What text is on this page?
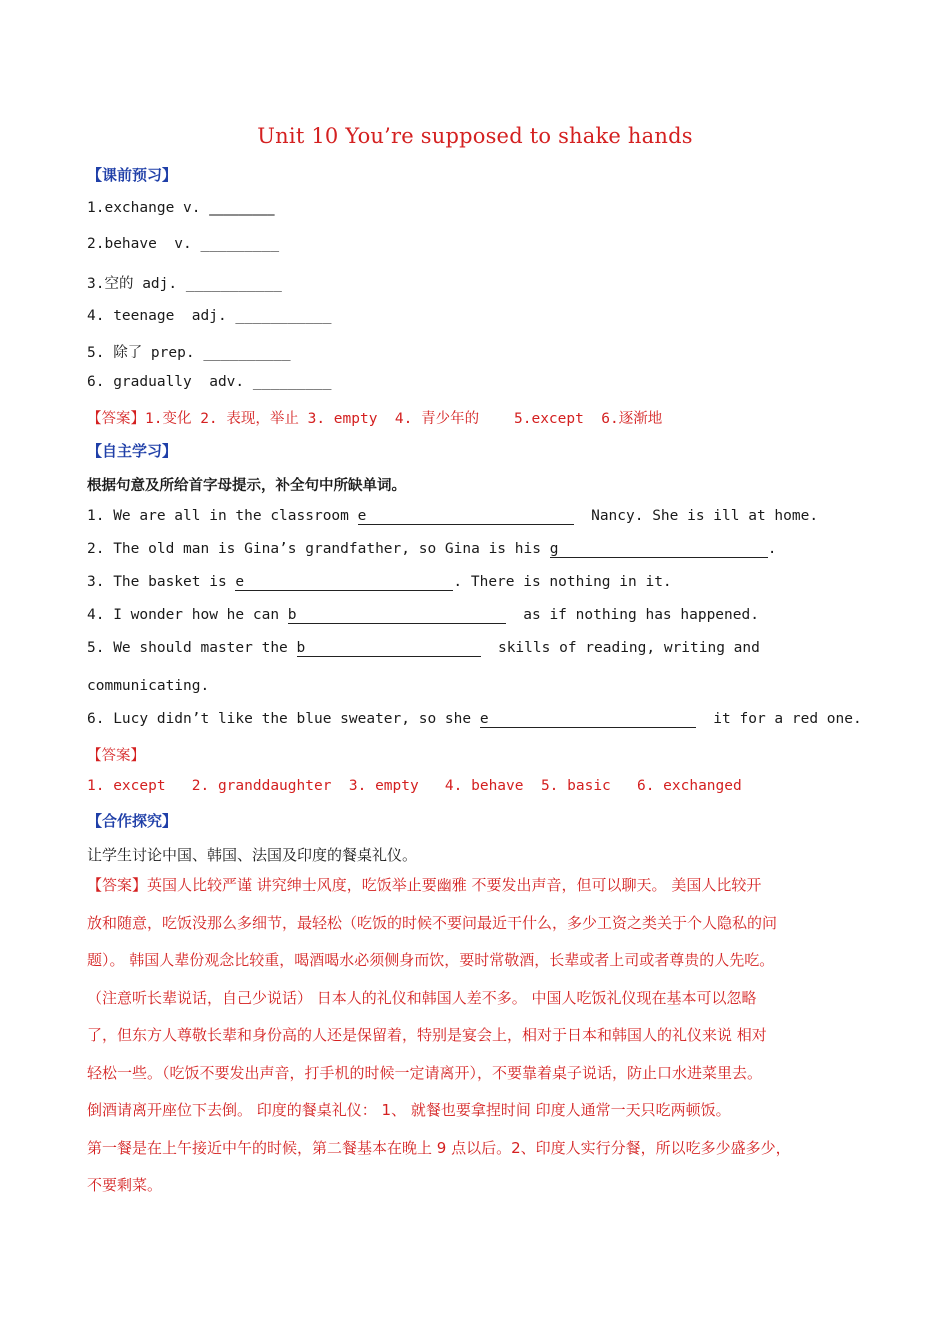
Unit 10 You’re supposed to shake hands
【课前预习】
1.exchange v. _________
2.behave  v. _________
3.空的 adj. ___________
4. teenage  adj. ___________
5. 除了 prep. __________
6. gradually  adv. _________
【答案】1.变化 2. 表现，举止 3. empty  4. 青少年的    5.except  6.逐渐地
【自主学习】
根据句意及所给首字母提示，补全句中所缺单词。
1. We are all in the classroom e	Nancy. She is ill at home.
2. The old man is Gina’s grandfather, so Gina is his g	.
3. The basket is e	. There is nothing in it.
4. I wonder how he can b	as if nothing has happened.
5. We should master the b	skills of reading, writing and
communicating.
6. Lucy didn’t like the blue sweater, so she e	it for a red one.
【答案】
1. except   2. granddaughter  3. empty   4. behave  5. basic   6. exchanged
【合作探究】
让学生讨论中国、韩国、法国及印度的餐桌礼仪。
【答案】英国人比较严谨 讲究绅士风度，吃饭举止要幽雅 不要发出声音，但可以聊天。 美国人比较开
放和随意，吃饭没那么多细节，最轻松（吃饭的时候不要问最近干什么，多少工资之类关于个人隐私的问
题）。 韩国人辈份观念比较重，喝酒喝水必须侧身而饮，要时常敬酒，长辈或者上司或者尊贵的人先吃。
（注意听长辈说话，自己少说话） 日本人的礼仪和韩国人差不多。 中国人吃饭礼仪现在基本可以忽略
了，但东方人尊敬长辈和身份高的人还是保留着，特别是宴会上，相对于日本和韩国人的礼仪来说 相对
轻松一些。（吃饭不要发出声音，打手机的时候一定请离开），不要靠着桌子说话，防止口水进菜里去。
倒酒请离开座位下去倒。 印度的餐桌礼仪： 1、 就餐也要拿捏时间 印度人通常一天只吃两顿饭。
第一餐是在上午接近中午的时候，第二餐基本在晚上 9 点以后。2、印度人实行分餐，所以吃多少盛多少，
不要剩菜。
